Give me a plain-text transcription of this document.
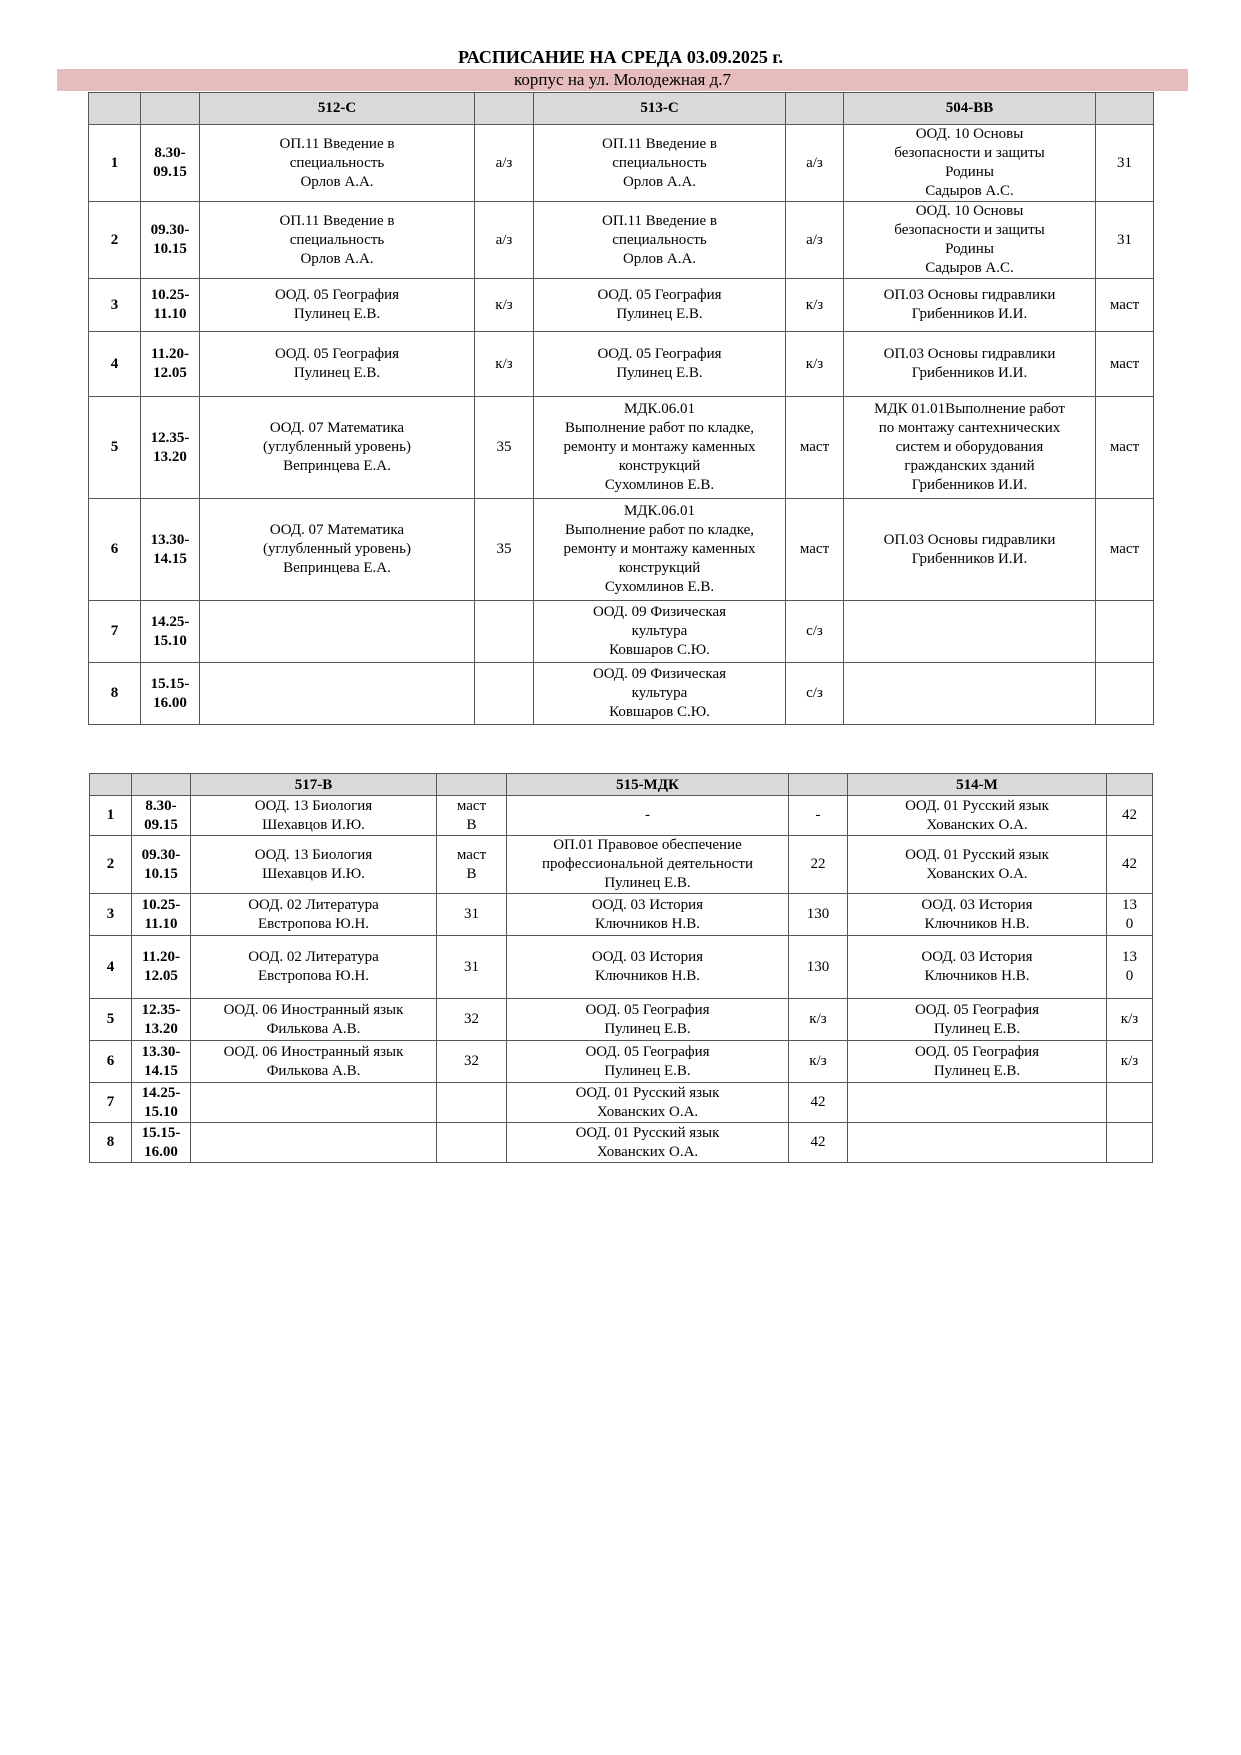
РАСПИСАНИЕ НА СРЕДА 03.09.2025 г.
корпус на ул. Молодежная д.7
		512-С		513-С		504-ВВ	
1	8.30-
09.15	ОП.11 Введение в
специальность
Орлов А.А.	а/з	ОП.11 Введение в
специальность
Орлов А.А.	а/з	ООД. 10 Основы
безопасности и защиты
Родины
Садыров А.С.	31
2	09.30-
10.15	ОП.11 Введение в
специальность
Орлов А.А.	а/з	ОП.11 Введение в
специальность
Орлов А.А.	а/з	ООД. 10 Основы
безопасности и защиты
Родины
Садыров А.С.	31
3	10.25-
11.10	ООД. 05 География
Пулинец Е.В.	к/з	ООД. 05 География
Пулинец Е.В.	к/з	ОП.03 Основы гидравлики
Грибенников И.И.	маст
4	11.20-
12.05	ООД. 05 География
Пулинец Е.В.	к/з	ООД. 05 География
Пулинец Е.В.	к/з	ОП.03 Основы гидравлики
Грибенников И.И.	маст
5	12.35-
13.20	ООД. 07 Математика
(углубленный уровень)
Вепринцева Е.А.	35	МДК.06.01
Выполнение работ по кладке,
ремонту и монтажу каменных
конструкций
Сухомлинов Е.В.	маст	МДК 01.01Выполнение работ
по монтажу сантехнических
систем и оборудования
гражданских зданий
Грибенников И.И.	маст
6	13.30-
14.15	ООД. 07 Математика
(углубленный уровень)
Вепринцева Е.А.	35	МДК.06.01
Выполнение работ по кладке,
ремонту и монтажу каменных
конструкций
Сухомлинов Е.В.	маст	ОП.03 Основы гидравлики
Грибенников И.И.	маст
7	14.25-
15.10			ООД. 09 Физическая
культура
Ковшаров С.Ю.	с/з		
8	15.15-
16.00			ООД. 09 Физическая
культура
Ковшаров С.Ю.	с/з		
		517-В		515-МДК		514-М	
1	8.30-
09.15	ООД. 13 Биология
Шехавцов И.Ю.	маст
В	-	-	ООД. 01 Русский язык
Хованских О.А.	42
2	09.30-
10.15	ООД. 13 Биология
Шехавцов И.Ю.	маст
В	ОП.01 Правовое обеспечение
профессиональной деятельности
Пулинец Е.В.	22	ООД. 01 Русский язык
Хованских О.А.	42
3	10.25-
11.10	ООД. 02 Литература
Евстропова Ю.Н.	31	ООД. 03 История
Ключников Н.В.	130	ООД. 03 История
Ключников Н.В.	13
0
4	11.20-
12.05	ООД. 02 Литература
Евстропова Ю.Н.	31	ООД. 03 История
Ключников Н.В.	130	ООД. 03 История
Ключников Н.В.	13
0
5	12.35-
13.20	ООД. 06 Иностранный язык
Филькова А.В.	32	ООД. 05 География
Пулинец Е.В.	к/з	ООД. 05 География
Пулинец Е.В.	к/з
6	13.30-
14.15	ООД. 06 Иностранный язык
Филькова А.В.	32	ООД. 05 География
Пулинец Е.В.	к/з	ООД. 05 География
Пулинец Е.В.	к/з
7	14.25-
15.10			ООД. 01 Русский язык
Хованских О.А.	42		
8	15.15-
16.00			ООД. 01 Русский язык
Хованских О.А.	42		
